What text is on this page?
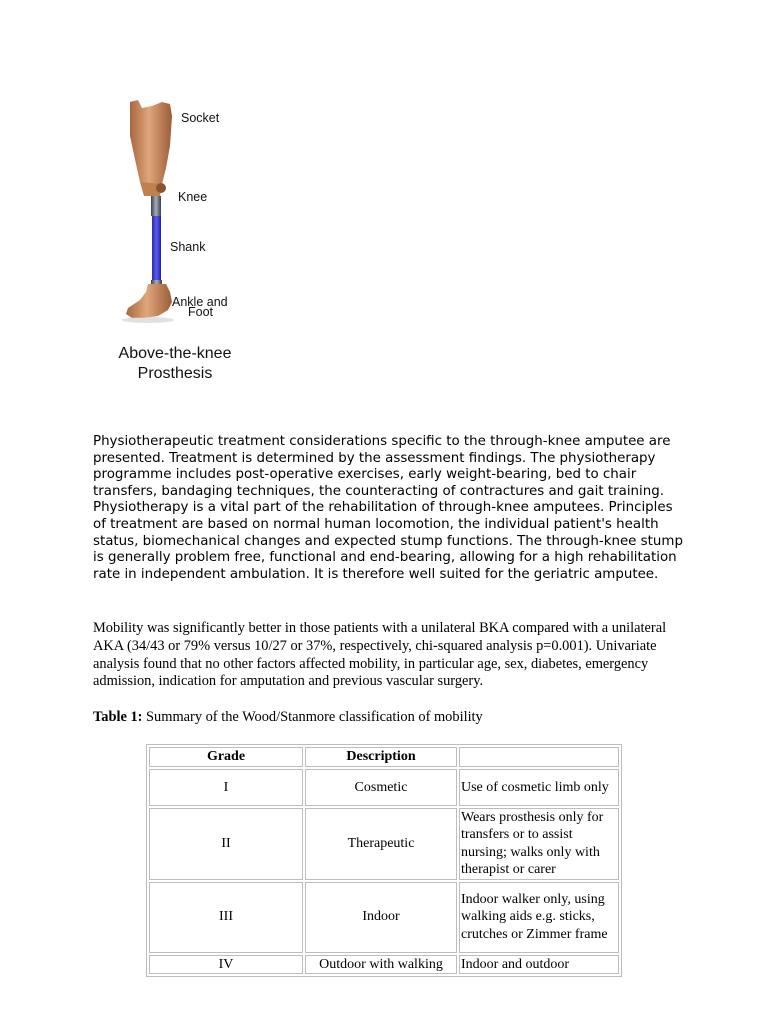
Socket
Knee
Shank
Ankle and
Foot
Above-the-knee
Prosthesis

Physiotherapeutic treatment considerations specific to the through-knee amputee are presented. Treatment is determined by the assessment findings. The physiotherapy programme includes post-operative exercises, early weight-bearing, bed to chair transfers, bandaging techniques, the counteracting of contractures and gait training. Physiotherapy is a vital part of the rehabilitation of through-knee amputees. Principles of treatment are based on normal human locomotion, the individual patient's health status, biomechanical changes and expected stump functions. The through-knee stump is generally problem free, functional and end-bearing, allowing for a high rehabilitation rate in independent ambulation. It is therefore well suited for the geriatric amputee.

Mobility was significantly better in those patients with a unilateral BKA compared with a unilateral AKA (34/43 or 79% versus 10/27 or 37%, respectively, chi-squared analysis p=0.001). Univariate analysis found that no other factors affected mobility, in particular age, sex, diabetes, emergency admission, indication for amputation and previous vascular surgery.

Table 1: Summary of the Wood/Stanmore classification of mobility

Grade	Description	
I	Cosmetic	Use of cosmetic limb only
II	Therapeutic	Wears prosthesis only for transfers or to assist nursing; walks only with therapist or carer
III	Indoor	Indoor walker only, using walking aids e.g. sticks, crutches or Zimmer frame
IV	Outdoor with walking	Indoor and outdoor
